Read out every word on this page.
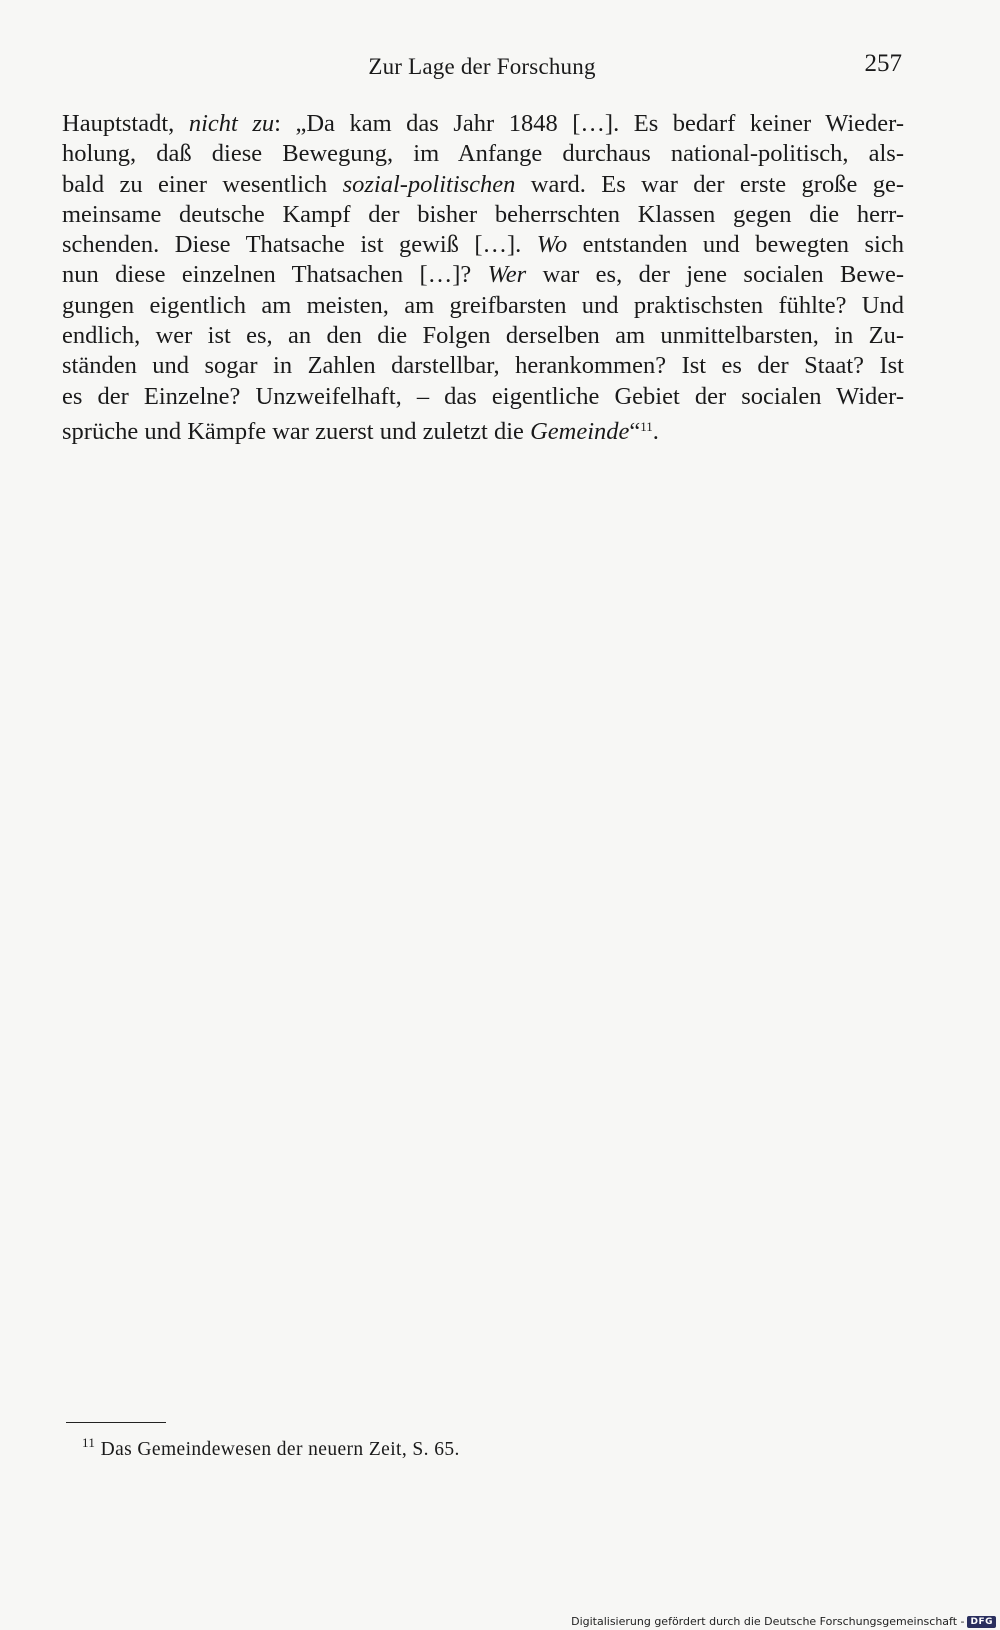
Zur Lage der Forschung	257
Hauptstadt, nicht zu: „Da kam das Jahr 1848 […]. Es bedarf keiner Wieder-
holung, daß diese Bewegung, im Anfange durchaus national-politisch, als-
bald zu einer wesentlich sozial-politischen ward. Es war der erste große ge-
meinsame deutsche Kampf der bisher beherrschten Klassen gegen die herr-
schenden. Diese Thatsache ist gewiß […]. Wo entstanden und bewegten sich
nun diese einzelnen Thatsachen […]? Wer war es, der jene socialen Bewe-
gungen eigentlich am meisten, am greifbarsten und praktischsten fühlte? Und
endlich, wer ist es, an den die Folgen derselben am unmittelbarsten, in Zu-
ständen und sogar in Zahlen darstellbar, herankommen? Ist es der Staat? Ist
es der Einzelne? Unzweifelhaft, – das eigentliche Gebiet der socialen Wider-
sprüche und Kämpfe war zuerst und zuletzt die Gemeinde“$^{11}$.
$^{11}$ Das Gemeindewesen der neuern Zeit, S. 65.
Digitalisierung gefördert durch die Deutsche Forschungsgemeinschaft - DFG
